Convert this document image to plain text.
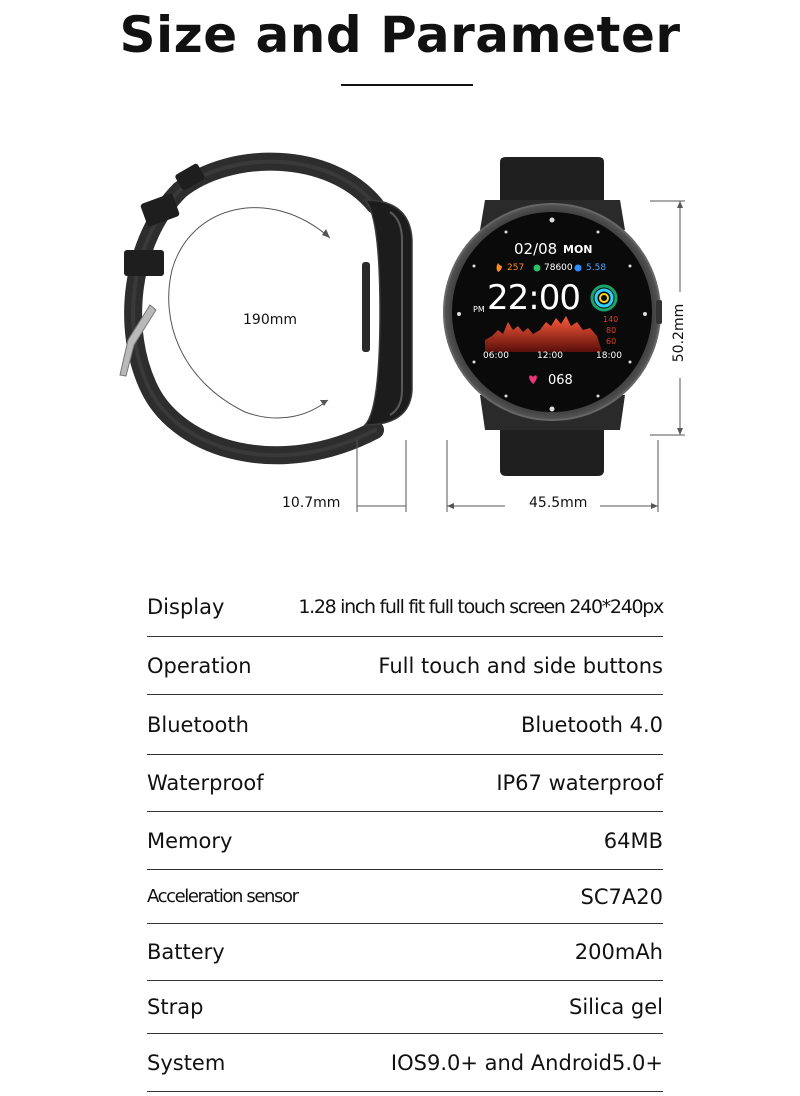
Size and Parameter
02/08 MON
257 78600 5.58
PM 22:00
140
80
60
06:00	12:00	18:00
068
190mm
10.7mm	45.5mm
50.2mm
Display	1.28 inch full fit full touch screen 240*240px
Operation	Full touch and side buttons
Bluetooth	Bluetooth 4.0
Waterproof	IP67 waterproof
Memory	64MB
Acceleration sensor	SC7A20
Battery	200mAh
Strap	Silica gel
System	IOS9.0+ and Android5.0+
